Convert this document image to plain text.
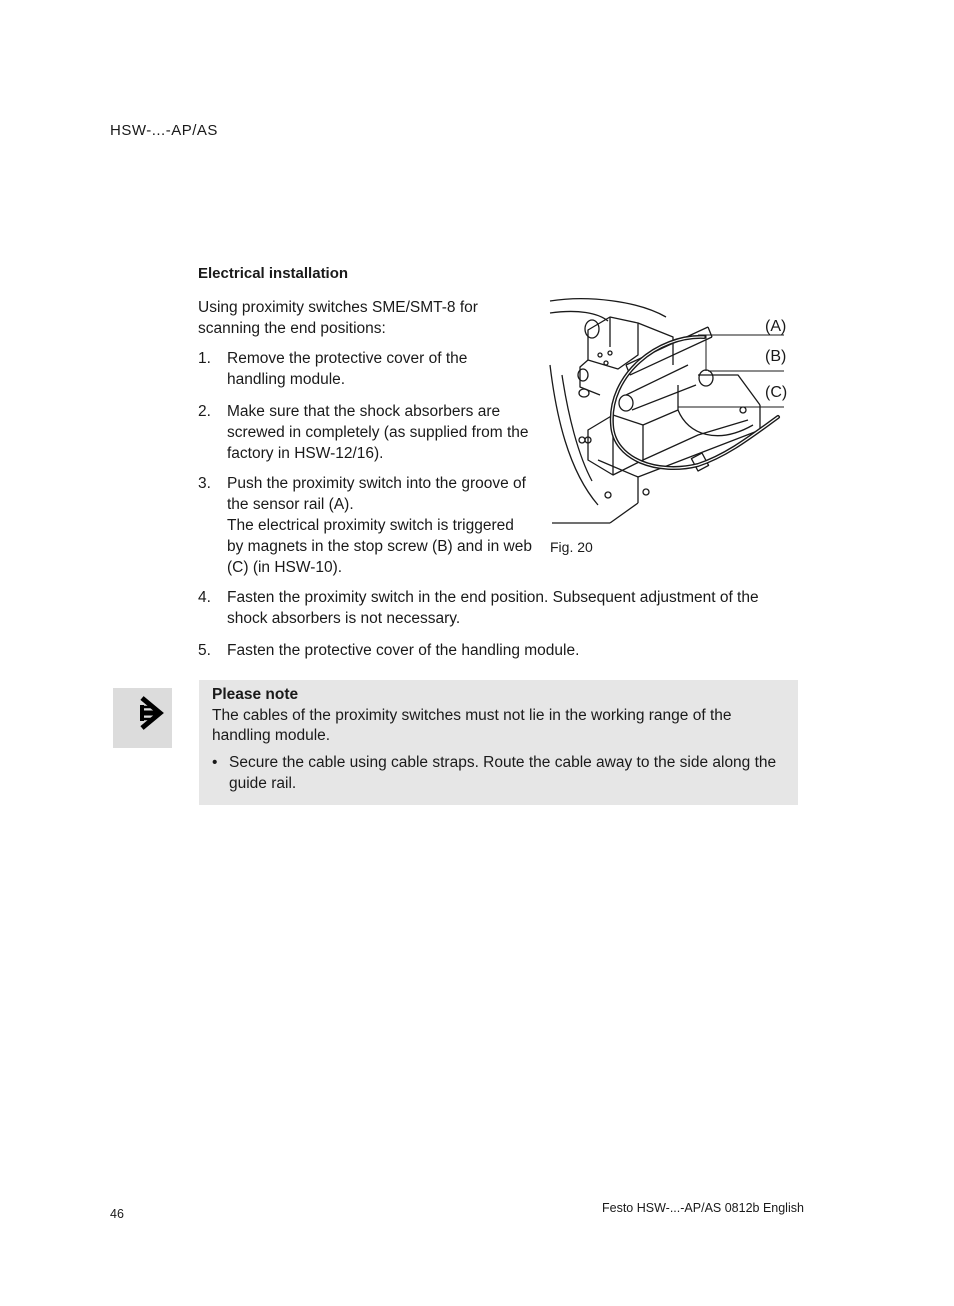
HSW-...-AP/AS
Electrical installation
Using proximity switches SME/SMT-8 for scanning the end positions:
1. Remove the protective cover of the handling module.
2. Make sure that the shock absorbers are screwed in completely (as supplied from the factory in HSW-12/16).
3. Push the proximity switch into the groove of the sensor rail (A).
The electrical proximity switch is triggered by magnets in the stop screw (B) and in web (C) (in HSW-10).
4. Fasten the proximity switch in the end position. Subsequent adjustment of the shock absorbers is not necessary.
5. Fasten the protective cover of the handling module.
(A)
(B)
(C)
Fig. 20
Please note
The cables of the proximity switches must not lie in the working range of the handling module.
• Secure the cable using cable straps. Route the cable away to the side along the guide rail.
46	Festo HSW-...-AP/AS 0812b English
